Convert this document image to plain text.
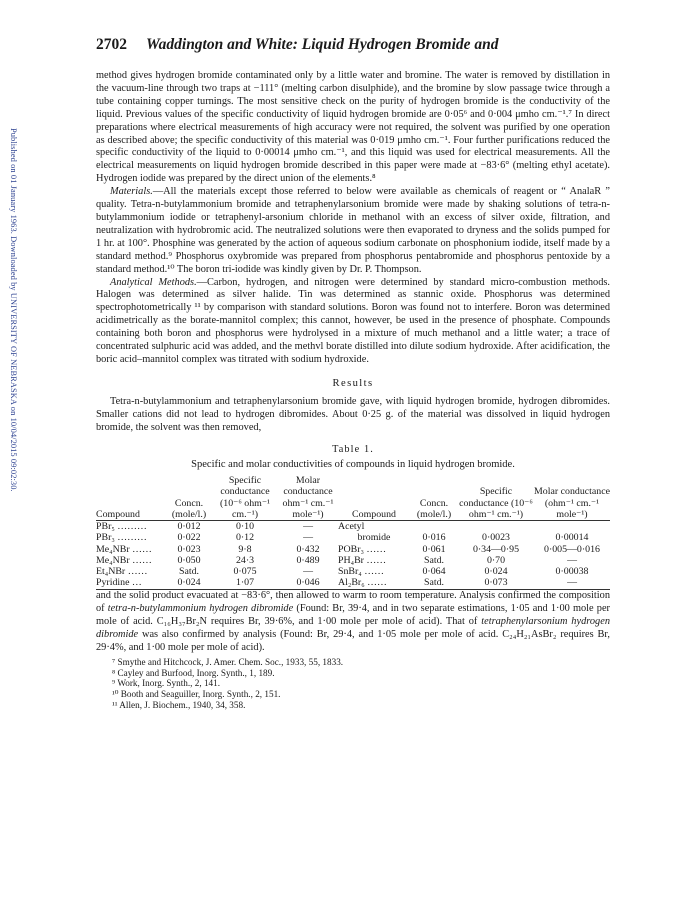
Published on 01 January 1963. Downloaded by UNIVERSITY OF NEBRASKA on 10/04/2015 09:02:30.
2702 Waddington and White: Liquid Hydrogen Bromide and

method gives hydrogen bromide contaminated only by a little water and bromine. The water is removed by distillation in the vacuum-line through two traps at −111° (melting carbon disulphide), and the bromine by slow passage twice through a tube containing copper turnings. The most sensitive check on the purity of hydrogen bromide is the conductivity of the liquid. Previous values of the specific conductivity of liquid hydrogen bromide are 0·05⁶ and 0·004 μmho cm.⁻¹.⁷ In direct preparations where electrical measurements of high accuracy were not required, the solvent was purified by one operation as described above; the specific conductivity of this material was 0·019 μmho cm.⁻¹. Four further purifications reduced the specific conductivity of the liquid to 0·00014 μmho cm.⁻¹, and this liquid was used for electrical measurements. All the electrical measurements on liquid hydrogen bromide described in this paper were made at −83·6° (melting ethyl acetate). Hydrogen iodide was prepared by the direct union of the elements.⁸

Materials.—All the materials except those referred to below were available as chemicals of reagent or “ AnalaR ” quality. Tetra-n-butylammonium bromide and tetraphenylarsonium bromide were made by shaking solutions of tetra-n-butylammonium iodide or tetraphenyl-arsonium chloride in methanol with an excess of silver oxide, filtration, and neutralization with hydrobromic acid. The neutralized solutions were then evaporated to dryness and the solids pumped for 1 hr. at 100°. Phosphine was generated by the action of aqueous sodium carbonate on phosphonium iodide, itself made by a standard method.⁹ Phosphorus oxybromide was prepared from phosphorus pentabromide and phosphorus pentoxide by a standard method.¹⁰ The boron tri-iodide was kindly given by Dr. P. Thompson.

Analytical Methods.—Carbon, hydrogen, and nitrogen were determined by standard micro-combustion methods. Halogen was determined as silver halide. Tin was determined as stannic oxide. Phosphorus was determined spectrophotometrically ¹¹ by comparison with standard solutions. Boron was found not to interfere. Boron was determined acidimetrically as the borate-mannitol complex; this cannot, however, be used in the presence of phosphate. Compounds containing both boron and phosphorus were hydrolysed in a mixture of much methanol and a little water; a trace of concentrated sulphuric acid was added, and the methvl borate distilled into dilute sodium hydroxide. After acidification, the boric acid–mannitol complex was titrated with sodium hydroxide.

Results

Tetra-n-butylammonium and tetraphenylarsonium bromide gave, with liquid hydrogen bromide, hydrogen dibromides. Smaller cations did not lead to hydrogen dibromides. About 0·25 g. of the material was dissolved in liquid hydrogen bromide, the solvent was then removed,

Table 1.
Specific and molar conductivities of compounds in liquid hydrogen bromide.
Compound	Concn. (mole/l.)	Specific conductance (10⁻⁶ ohm⁻¹ cm.⁻¹)	Molar conductance ohm⁻¹ cm.⁻¹ mole⁻¹)	Compound	Concn. (mole/l.)	Specific conductance (10⁻⁶ ohm⁻¹ cm.⁻¹)	Molar conductance (ohm⁻¹ cm.⁻¹ mole⁻¹)
PBr₅ ………	0·012	0·10	—	Acetyl			
PBr₃ ………	0·022	0·12	—	bromide	0·016	0·0023	0·00014
Me₄NBr ……	0·023	9·8	0·432	POBr₃ ……	0·061	0·34—0·95	0·005—0·016
Me₄NBr ……	0·050	24·3	0·489	PH₄Br ……	Satd.	0·70	—
Et₄NBr ……	Satd.	0·075	—	SnBr₄ ……	0·064	0·024	0·00038
Pyridine …	0·024	1·07	0·046	Al₂Br₆ ……	Satd.	0·073	—

and the solid product evacuated at −83·6°, then allowed to warm to room temperature. Analysis confirmed the composition of tetra-n-butylammonium hydrogen dibromide (Found: Br, 39·4, and in two separate estimations, 1·05 and 1·00 mole per mole of acid. C₁₆H₃₇Br₂N requires Br, 39·6%, and 1·00 mole per mole of acid). That of tetraphenylarsonium hydrogen dibromide was also confirmed by analysis (Found: Br, 29·4, and 1·05 mole per mole of acid. C₂₄H₂₁AsBr₂ requires Br, 29·4%, and 1·00 mole per mole of acid).

⁷ Smythe and Hitchcock, J. Amer. Chem. Soc., 1933, 55, 1833.
⁸ Cayley and Burfood, Inorg. Synth., 1, 189.
⁹ Work, Inorg. Synth., 2, 141.
¹⁰ Booth and Seaguiller, Inorg. Synth., 2, 151.
¹¹ Allen, J. Biochem., 1940, 34, 358.
